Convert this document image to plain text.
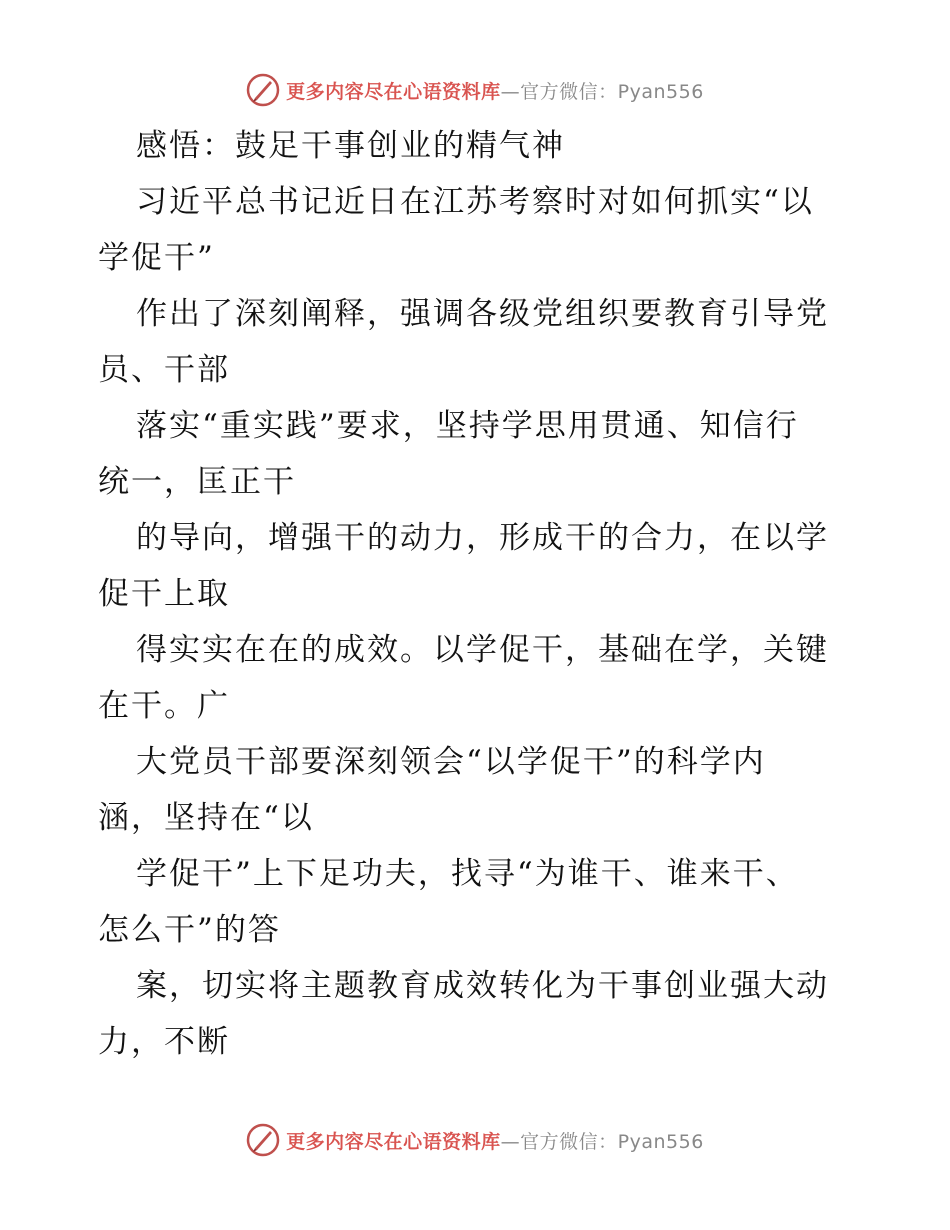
更多内容尽在心语资料库—官方微信：Pyan556
感悟：鼓足干事创业的精气神
习近平总书记近日在江苏考察时对如何抓实“以
学促干”
作出了深刻阐释，强调各级党组织要教育引导党
员、干部
落实“重实践”要求，坚持学思用贯通、知信行
统一，匡正干
的导向，增强干的动力，形成干的合力，在以学
促干上取
得实实在在的成效。以学促干，基础在学，关键
在干。广
大党员干部要深刻领会“以学促干”的科学内
涵，坚持在“以
学促干”上下足功夫，找寻“为谁干、谁来干、
怎么干”的答
案，切实将主题教育成效转化为干事创业强大动
力，不断
更多内容尽在心语资料库—官方微信：Pyan556
